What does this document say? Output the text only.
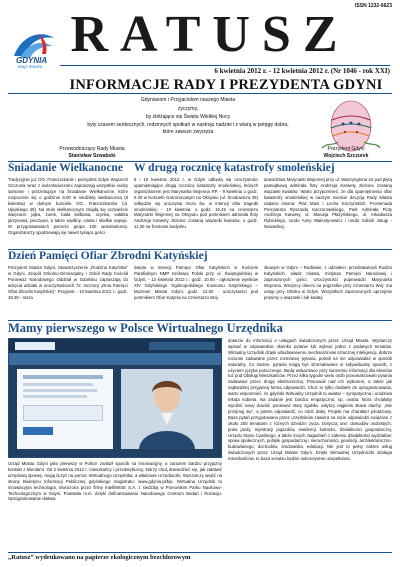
ISSN 1232-6623
GDYNIA
moje miasto
RATUSZ
6 kwietnia 2012 r. - 12 kwietnia 2012 r. (Nr 1046 - rok XXI)
INFORMACJE RADY I PREZYDENTA GDYNI
Gdynianom i Przyjaciołom naszego Miasta
życzymy,
by zbliżające się Święta Wielkiej Nocy
były czasem serdecznych, rodzinnych spotkań w nastroju nadziei i z wiarą w potęgę dobra,
które zawsze zwycięża
Przewodniczący Rady Miasta
Stanisław Szwabski
Prezydent Gdyni
Wojciech Szczurek
Śniadanie Wielkanocne
Tradycyjnie już OO. Franciszkanie i prezydent Gdyni Wojciech Szczurek wraz z wolontariuszami zapraszają wszystkie osoby samotne i potrzebujące na Śniadanie Wielkanocne, które rozpocznie się o godzinie 8.00 w niedzielę wielkanocną (8 kwietnia) w dolnym kościele OO. Franciszkanów (ul. Ujejskiego 40). Na stole wielkanocnym znajdą się oczywiście święcone: jajka, żurek, biała kiełbasa, szynka, sałatka jarzynowa, pieczywo, a także wędliny, ciasta i słodkie napoje. W przygotowaniach pomoże grupa 100 wolontariuszy. Organizatorzy spodziewają się nawet tysiąca gości.
W drugą rocznicę katastrofy smoleńskiej
9 i 10 kwietnia 2012 r. w Gdyni odbędą się uroczystości upamiętniające drugą rocznicę katastrofy smoleńskiej, których organizatorem jest Marynarka Wojenna RP. - 9 kwietnia o godz. 9.30 w Kościele Garnizonowym na Oksywiu (ul. Śmidowicza 45) odbędzie się uroczysta msza św. w intencji ofiar tragedii smoleńskiej; - 10 kwietnia: o godz. 10.45 na cmentarzu Marynarki Wojennej na Oksywiu pod pomnikiem admirała floty Andrzeja Karwety złożone zostaną wiązanki kwiatów; o godz. 11.30 na frontonie budynku
dowództwa Marynarki Wojennej przy ul. Waszyngtona 44 pod płytą pamiątkową admirała floty Andrzeja Karwety złożone zostaną wiązanki kwiatów. Warto przypomnieć, że dla upamiętnienia ofiar katastrofy smoleńskiej w naszym mieście decyzją Rady Miasta nadano imiona: Plac Marii i Lecha Kaczyńskich, Promenada Prezydenta Ryszarda Kaczorowskiego, Park Admirała Floty Andrzeja Karwety, ul. Macieja Płażyńskiego, ul. Arkadiusza Rybickiego, rondo Anny Walentynowicz i rondo Izabeli Jarugi - Nowackiej.
Dzień Pamięci Ofiar Zbrodni Katyńskiej
Prezydent Miasta Gdyni, Stowarzyszenie „Rodzina Katyńska” w Gdyni, Zespół Szkolno-Gimnazjalny i Szkół Rady Kościół Ponieważ Narodowego Oddział w Gdańsku zapraszają do wzięcia udziału w uroczystościach 72. rocznicy „Dnia Pamięci Ofiar Zbrodni Katyńskiej”. Program: - 10 kwietnia 2012 r., godz. 18.30 - msza
święta w intencji Pamięci Ofiar Katyńskich w Kościele Parafialnym NMP Królowej Polski przy ul. Świętojańskiej w Gdyni; - 13 kwietnia 2012 r.: godz. 10.00 - ogłoszenie wyników XIV Gdyńskiego Ogólnopolskiego Konkursu Katyńskiego – Muzeum Miasta Gdyni; godz. 12.00 - uroczystości pod pomnikiem Ofiar Katynia na Cmentarzu Woj-
skowym w Gdyni – Redłowie, z udziałem: przedstawicieli Rodzin Katyńskich, władz miasta, Instytutu Pamięci Narodowej i zaproszonych gości. Uroczystości poprowadzi Marynarka Wojenna. Wszyscy obecni na pogrzebie przy Cmentarzu Woj- ma ustęp przy Orlisku w Gdyni. Wszystkich zaproszonych uprzejmie prosimy o wiązanki i lub kwiaty.
Mamy pierwszego w Polsce Wirtualnego Urzędnika
Urząd Miasta Gdyni jako pierwszy w Polsce znalazł sposób na innowacyjny, a zarazem bardzo przyjazny kontakt z klientami. Od 2 kwietnia 2012 r. mieszkańcy i przedsiębiorcy, którzy chcą dowiedzieć się, jak załatwić urzędową sprawę, mogą liczyć na pomoc Wirtualnego Urzędnika, a właściwie Urzędniczki. Wyszarczy wejść na stronę Biuletynu Informacji Publicznej gdyńskiego magistratu: www.gdynia.pl/bip. Wirtualna Urzędnik to innowacyjna technologia, stworzona przez firmę IntelliWISE S.A. z siedzibą w Pomorskim Parku Naukowo-Technologicznym w Gdyni. Powstała m.in. dzięki dofinansowaniu Narodowego Centrum Badań i Rozwoju. Oprogramowanie ułatwia
dotarcie do informacji o usługach świadczonych przez Urząd Miasta. Wystarczy wpisać w odpowiednie okienko pytanie lub wybrać jedno z podanych tematów. Wirtualny Urzędnik dzięki wbudowanemu mechanizmowi sztucznej inteligencji, dobrze rozumie zadawane przez rozmówcę pytania, potrafi na nie odpowiadać w sposób naturalny. Co istotne, pytania mogą być sformułowane w indywidualny sposób, z użyciem języka potocznego. Będą wskazówce przy tworzeniu informacji dla klientów tuż pod Obsługi Mieszkańców. Przez kilka tygodni wielu osób przeanalizowało pytania zadawane przez drogę elektroniczną. Pracowali nad ich wyborem, a także jak najbardziej przyjazną formą odpowiedzi. Choć to tylko dodatek do oprogramowania, warto wspomnieć, że gdyński Wirtualny Urzędnik to awatar – sympatyczna i urodziwa młoda kobieta. Na zadanie jest bardzo empatyczna, np. osoba, która chciałaby wyrobić nowy dowód, ponieważ stary zgubiła, usłyszy najpierw słowa otuchy: „Nie przejmuj się”, a potem odpowiedź, co robić dalej. Projekt ma charakter pilotażowy. Baza pytań przygotowana przez urzędników zawiera na razie odpowiedzi związane z około 200 tematami z różnych dziedzin życia. Dotyczą one: dowodów osobistych, praw jazdy, rejestracji pojazdów, ewidencji ludności, działalności gospodarczej, Urzędu Stanu Cywilnego, a także innych zagadnień z zakresu działalności wydziałów: spraw społecznych, polityki gospodarczej i nieruchomości, geodezji, architektoniczno-budowlanego, dochodów, środowiska, edukacji. Nie jest to pełny zakres usług świadczonych przez Urząd Miasta Gdyni. Dzięki Wirtualnej Urzędniczki obsługa mieszkańców, to baza serwisu będzie sukcesywnie uzupełniana.
„Ratusz” wydrukowano na papierze ekologicznym bezchlorowym
